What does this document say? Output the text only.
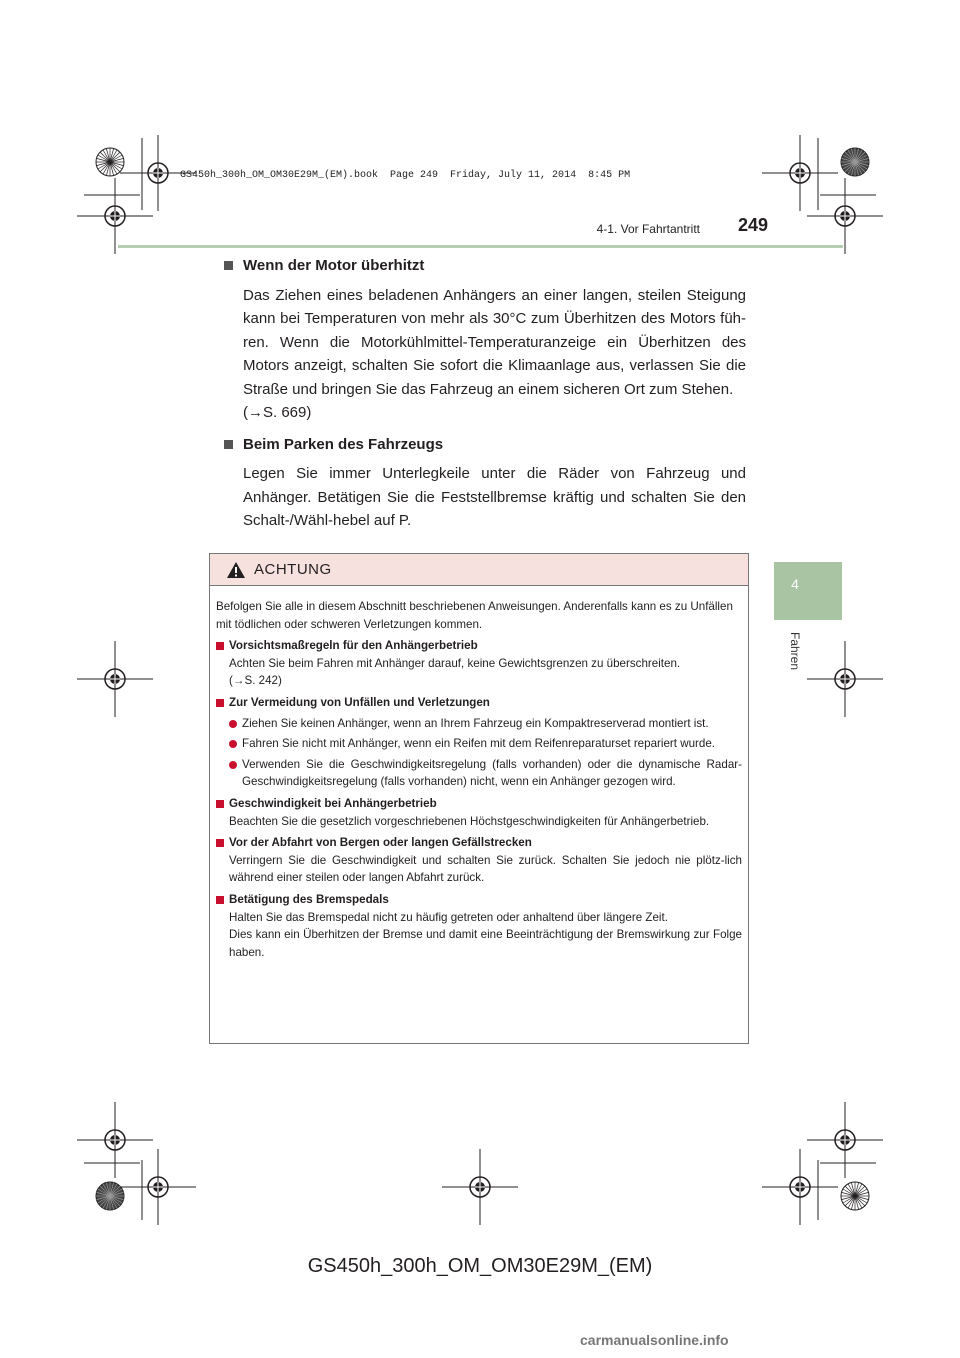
GS450h_300h_OM_OM30E29M_(EM).book  Page 249  Friday, July 11, 2014  8:45 PM
4-1. Vor Fahrtantritt 249
4
Fahren
Wenn der Motor überhitzt

Das Ziehen eines beladenen Anhängers an einer langen, steilen Steigung kann bei Temperaturen von mehr als 30°C zum Überhitzen des Motors füh-ren. Wenn die Motorkühlmittel-Temperaturanzeige ein Überhitzen des Motors anzeigt, schalten Sie sofort die Klimaanlage aus, verlassen Sie die Straße und bringen Sie das Fahrzeug an einem sicheren Ort zum Stehen.

(→S. 669)

Beim Parken des Fahrzeugs

Legen Sie immer Unterlegkeile unter die Räder von Fahrzeug und Anhänger. Betätigen Sie die Feststellbremse kräftig und schalten Sie den Schalt-/Wähl-hebel auf P.

ACHTUNG

Befolgen Sie alle in diesem Abschnitt beschriebenen Anweisungen. Anderenfalls kann es zu Unfällen mit tödlichen oder schweren Verletzungen kommen.

Vorsichtsmaßregeln für den Anhängerbetrieb

Achten Sie beim Fahren mit Anhänger darauf, keine Gewichtsgrenzen zu überschreiten.

(→S. 242)

Zur Vermeidung von Unfällen und Verletzungen
Ziehen Sie keinen Anhänger, wenn an Ihrem Fahrzeug ein Kompaktreserverad montiert ist.
Fahren Sie nicht mit Anhänger, wenn ein Reifen mit dem Reifenreparaturset repariert wurde.
Verwenden Sie die Geschwindigkeitsregelung (falls vorhanden) oder die dynamische Radar-Geschwindigkeitsregelung (falls vorhanden) nicht, wenn ein Anhänger gezogen wird.
Geschwindigkeit bei Anhängerbetrieb

Beachten Sie die gesetzlich vorgeschriebenen Höchstgeschwindigkeiten für Anhängerbetrieb.

Vor der Abfahrt von Bergen oder langen Gefällstrecken

Verringern Sie die Geschwindigkeit und schalten Sie zurück. Schalten Sie jedoch nie plötz-lich während einer steilen oder langen Abfahrt zurück.

Betätigung des Bremspedals

Halten Sie das Bremspedal nicht zu häufig getreten oder anhaltend über längere Zeit.

Dies kann ein Überhitzen der Bremse und damit eine Beeinträchtigung der Bremswirkung zur Folge haben.

GS450h_300h_OM_OM30E29M_(EM)
carmanualsonline.info
